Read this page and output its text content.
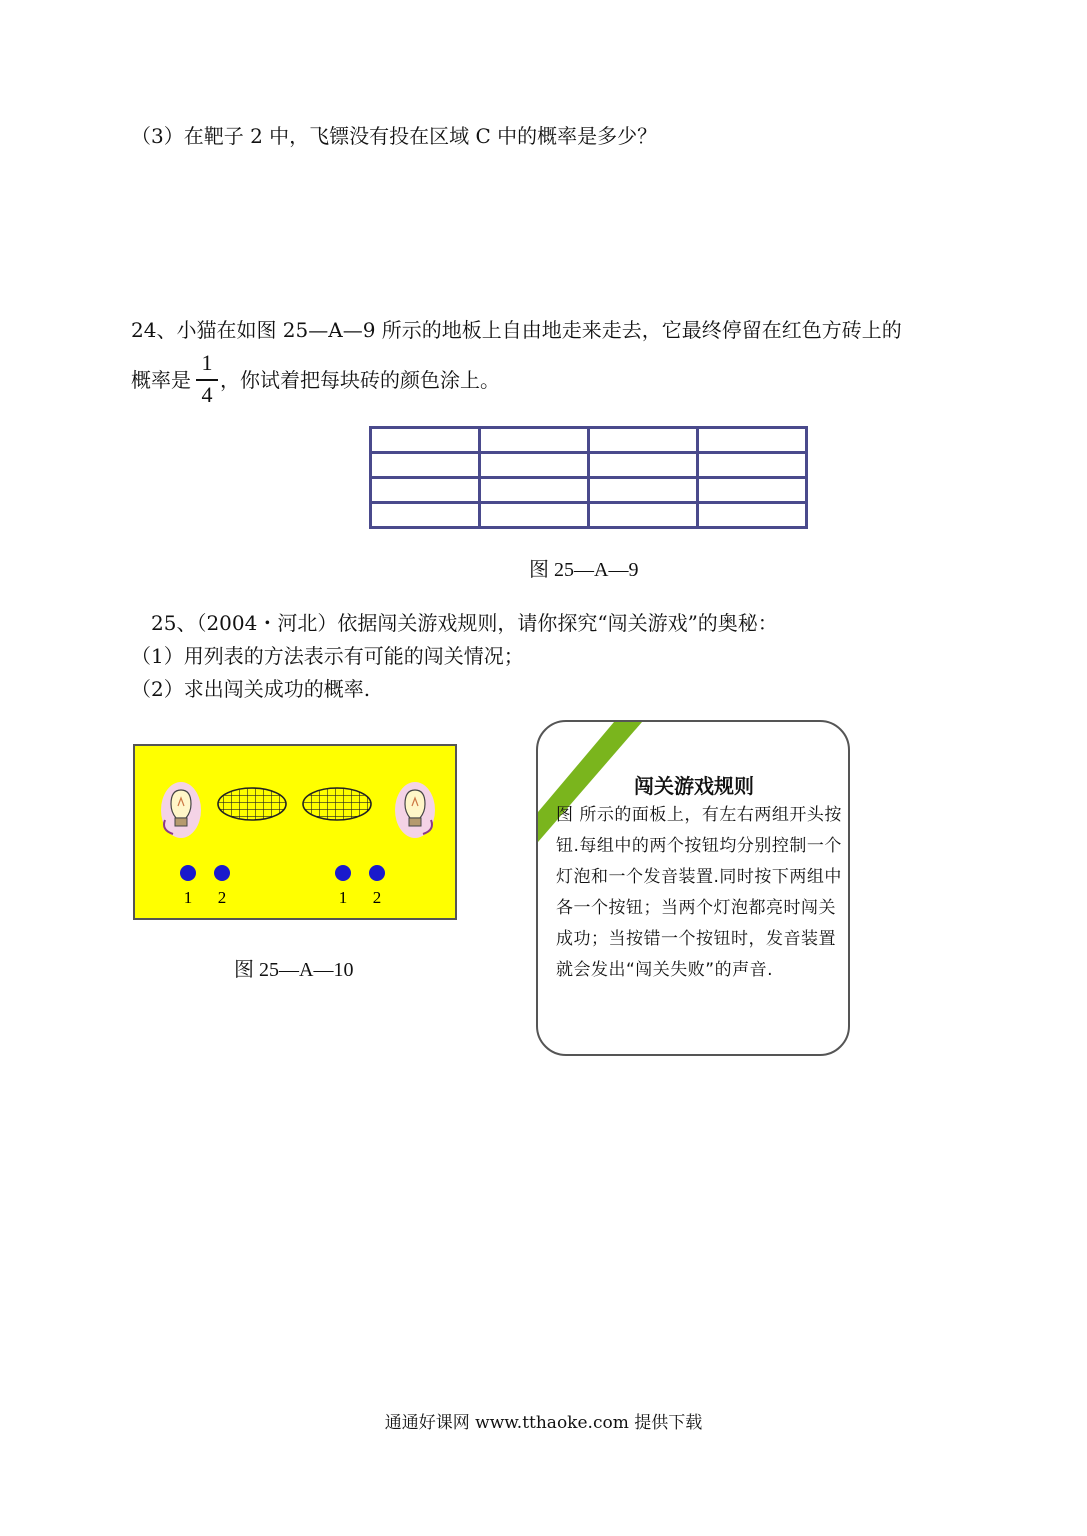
（3）在靶子 2 中，飞镖没有投在区域 C 中的概率是多少？
24、小猫在如图 25—A—9 所示的地板上自由地走来走去，它最终停留在红色方砖上的
概率是
1
4
，你试着把每块砖的颜色涂上。

图 25—A—9
25、（2004・河北）依据闯关游戏规则，请你探究“闯关游戏”的奥秘：
（1）用列表的方法表示有可能的闯关情况；
（2）求出闯关成功的概率.
1 2	1 2
图 25—A—10
闯关游戏规则
图 所示的面板上，有左右两组开头按钮.每组中的两个按钮均分别控制一个灯泡和一个发音装置.同时按下两组中各一个按钮；当两个灯泡都亮时闯关成功；当按错一个按钮时，发音装置就会发出“闯关失败”的声音.
通通好课网 www.tthaoke.com 提供下载
